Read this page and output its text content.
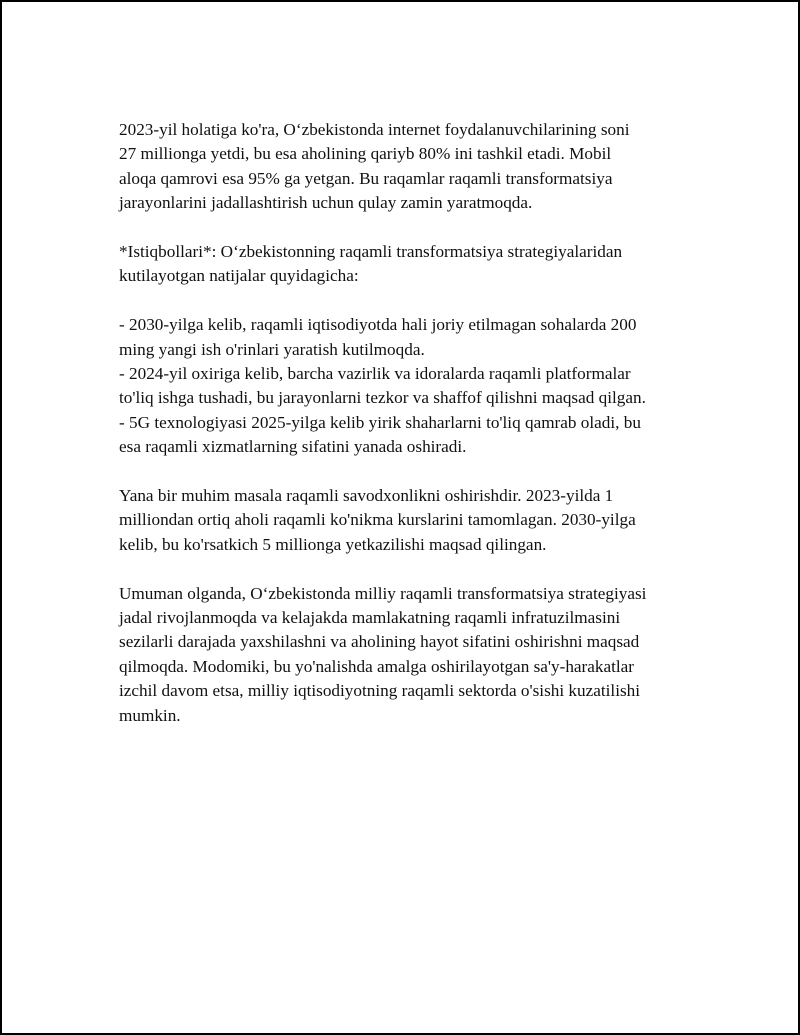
2023-yil holatiga ko'ra, O‘zbekistonda internet foydalanuvchilarining soni
27 millionga yetdi, bu esa aholining qariyb 80% ini tashkil etadi. Mobil
aloqa qamrovi esa 95% ga yetgan. Bu raqamlar raqamli transformatsiya
jarayonlarini jadallashtirish uchun qulay zamin yaratmoqda.

*Istiqbollari*: O‘zbekistonning raqamli transformatsiya strategiyalaridan
kutilayotgan natijalar quyidagicha:

- 2030-yilga kelib, raqamli iqtisodiyotda hali joriy etilmagan sohalarda 200
ming yangi ish o'rinlari yaratish kutilmoqda.
- 2024-yil oxiriga kelib, barcha vazirlik va idoralarda raqamli platformalar
to'liq ishga tushadi, bu jarayonlarni tezkor va shaffof qilishni maqsad qilgan.
- 5G texnologiyasi 2025-yilga kelib yirik shaharlarni to'liq qamrab oladi, bu
esa raqamli xizmatlarning sifatini yanada oshiradi.

Yana bir muhim masala raqamli savodxonlikni oshirishdir. 2023-yilda 1
milliondan ortiq aholi raqamli ko'nikma kurslarini tamomlagan. 2030-yilga
kelib, bu ko'rsatkich 5 millionga yetkazilishi maqsad qilingan.

Umuman olganda, O‘zbekistonda milliy raqamli transformatsiya strategiyasi
jadal rivojlanmoqda va kelajakda mamlakatning raqamli infratuzilmasini
sezilarli darajada yaxshilashni va aholining hayot sifatini oshirishni maqsad
qilmoqda. Modomiki, bu yo'nalishda amalga oshirilayotgan sa'y-harakatlar
izchil davom etsa, milliy iqtisodiyotning raqamli sektorda o'sishi kuzatilishi
mumkin.
